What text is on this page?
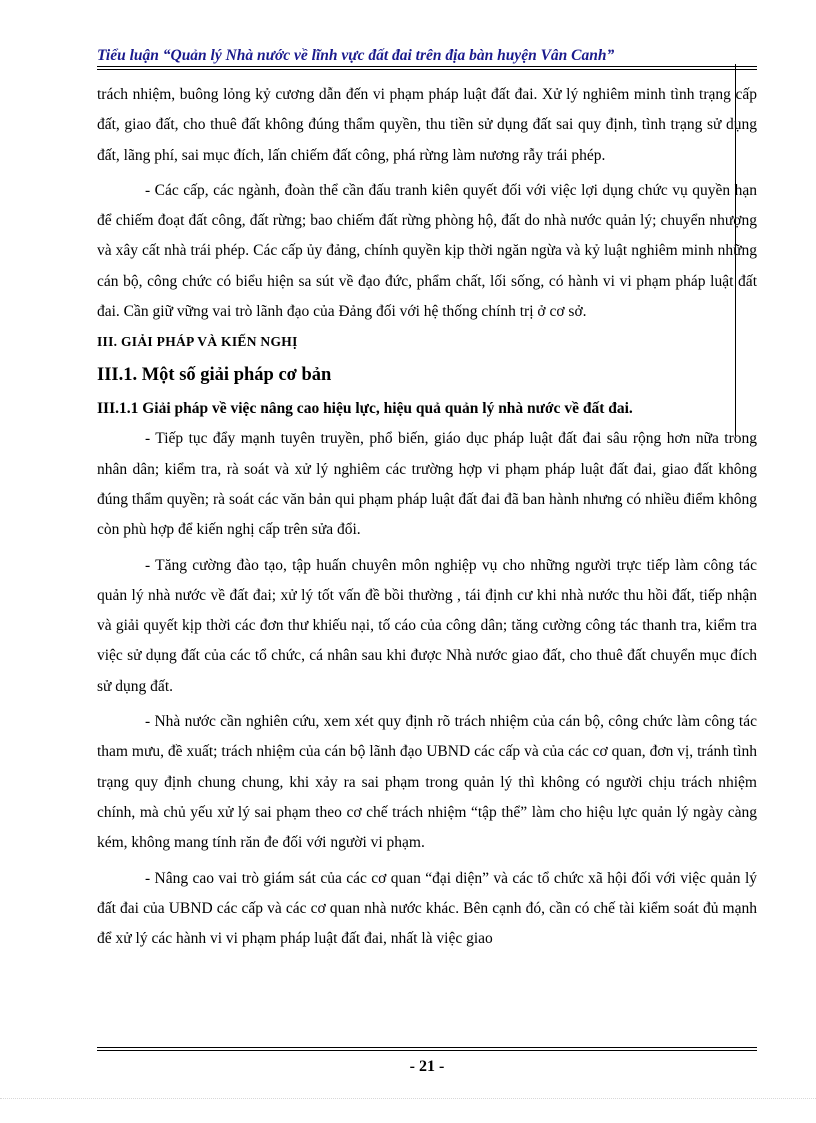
Tiểu luận “Quản lý Nhà nước về lĩnh vực đất đai trên địa bàn huyện Vân Canh”

trách nhiệm, buông lỏng kỷ cương dẫn đến vi phạm pháp luật đất đai. Xử lý nghiêm minh tình trạng cấp đất, giao đất, cho thuê đất không đúng thẩm quyền, thu tiền sử dụng đất sai quy định, tình trạng sử dụng đất, lãng phí, sai mục đích, lấn chiếm đất công, phá rừng làm nương rẫy trái phép.

- Các cấp, các ngành, đoàn thể cần đấu tranh kiên quyết đối với việc lợi dụng chức vụ quyền hạn để chiếm đoạt đất công, đất rừng; bao chiếm đất rừng phòng hộ, đất do nhà nước quản lý; chuyển nhượng và xây cất nhà trái phép. Các cấp ủy đảng, chính quyền kịp thời ngăn ngừa và kỷ luật nghiêm minh những cán bộ, công chức có biểu hiện sa sút về đạo đức, phẩm chất, lối sống, có hành vi vi phạm pháp luật đất đai. Cần giữ vững vai trò lãnh đạo của Đảng đối với hệ thống chính trị ở cơ sở.

III. GIẢI PHÁP VÀ KIẾN NGHỊ

III.1. Một số giải pháp cơ bản

III.1.1 Giải pháp về việc nâng cao hiệu lực, hiệu quả quản lý nhà nước về đất đai.

- Tiếp tục đẩy mạnh tuyên truyền, phổ biến, giáo dục pháp luật đất đai sâu rộng hơn nữa trong nhân dân; kiểm tra, rà soát và xử lý nghiêm các trường hợp vi phạm pháp luật đất đai, giao đất không đúng thẩm quyền; rà soát các văn bản qui phạm pháp luật đất đai đã ban hành nhưng có nhiều điểm không còn phù hợp để kiến nghị cấp trên sửa đổi.

- Tăng cường đào tạo, tập huấn chuyên môn nghiệp vụ cho những người trực tiếp làm công tác quản lý nhà nước về đất đai; xử lý tốt vấn đề bồi thường , tái định cư khi nhà nước thu hồi đất, tiếp nhận và giải quyết kịp thời các đơn thư khiếu nại, tố cáo của công dân; tăng cường công tác thanh tra, kiểm tra việc sử dụng đất của các tổ chức, cá nhân sau khi được Nhà nước giao đất, cho thuê đất chuyển mục đích sử dụng đất.

- Nhà nước cần nghiên cứu, xem xét quy định rõ trách nhiệm của cán bộ, công chức làm công tác tham mưu, đề xuất; trách nhiệm của cán bộ lãnh đạo UBND các cấp và của các cơ quan, đơn vị, tránh tình trạng quy định chung chung, khi xảy ra sai phạm trong quản lý thì không có người chịu trách nhiệm chính, mà chủ yếu xử lý sai phạm theo cơ chế trách nhiệm “tập thể” làm cho hiệu lực quản lý ngày càng kém, không mang tính răn đe đối với người vi phạm.

- Nâng cao vai trò giám sát của các cơ quan “đại diện” và các tổ chức xã hội đối với việc quản lý đất đai của UBND các cấp và các cơ quan nhà nước khác. Bên cạnh đó, cần có chế tài kiểm soát đủ mạnh để xử lý các hành vi vi phạm pháp luật đất đai, nhất là việc giao

- 21 -
